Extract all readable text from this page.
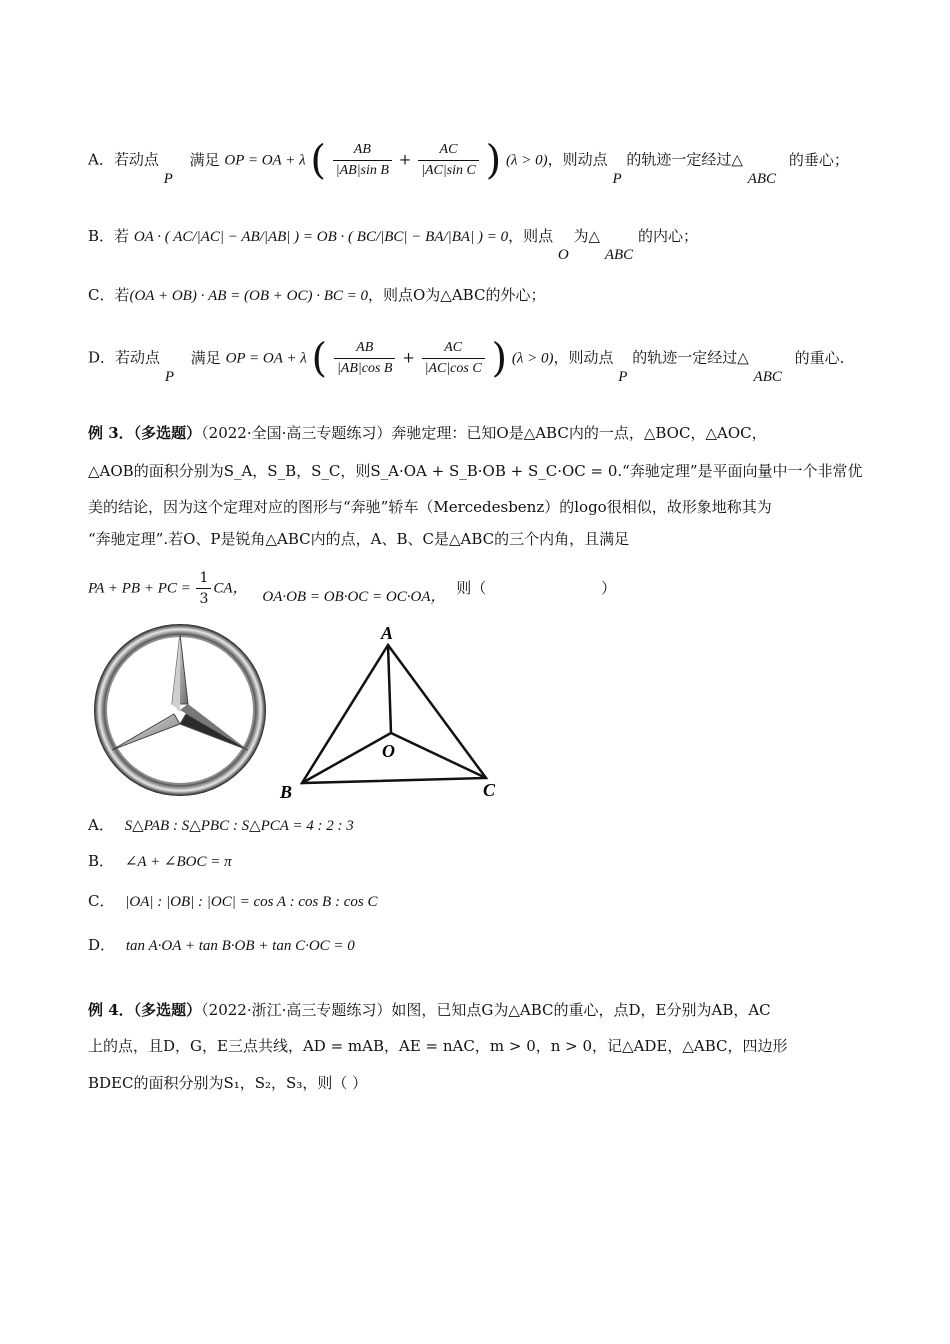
A．若动点 P 满足 OP = OA + λ ( $\frac{AB}{\text{|AB|sin B}} + \frac{AC}{\text{|AC|sin C}}$ ) (λ > 0)，则动点 P 的轨迹一定经过△ ABC 的垂心；
B．若 OA · ( AC/|AC| − AB/|AB| ) = OB · ( BC/|BC| − BA/|BA| ) = 0，则点 O 为△ ABC 的内心；
C．若(OA + OB) · AB = (OB + OC) · BC = 0，则点O为△ABC的外心；
D．若动点 P 满足 OP = OA + λ ( $\frac{AB}{\text{|AB|cos B}} + \frac{AC}{\text{|AC|cos C}}$ ) (λ > 0)，则动点 P 的轨迹一定经过△ ABC 的重心.
例 3．（多选题）（2022·全国·高三专题练习）奔驰定理：已知O是△ABC内的一点，△BOC，△AOC，
△AOB的面积分别为S_A，S_B，S_C，则S_A·OA + S_B·OB + S_C·OC = 0.“奔驰定理”是平面向量中一个非常优
美的结论，因为这个定理对应的图形与“奔驰”轿车（Mercedesbenz）的logo很相似，故形象地称其为
“奔驰定理”.若O、P是锐角△ABC内的点，A、B、C是△ABC的三个内角，且满足
PA + PB + PC = $\frac{1}{3}$ CA， OA·OB = OB·OC = OC·OA， 则（	）
A
B	C
O
A． S△PAB : S△PBC : S△PCA = 4 : 2 : 3
B． ∠A + ∠BOC = π
C． |OA| : |OB| : |OC| = cos A : cos B : cos C
D． tan A·OA + tan B·OB + tan C·OC = 0
例 4．（多选题）（2022·浙江·高三专题练习）如图，已知点G为△ABC的重心，点D，E分别为AB，AC
上的点，且D，G，E三点共线，AD = mAB，AE = nAC，m > 0，n > 0，记△ADE，△ABC，四边形
BDEC的面积分别为S₁，S₂，S₃，则（ ）
